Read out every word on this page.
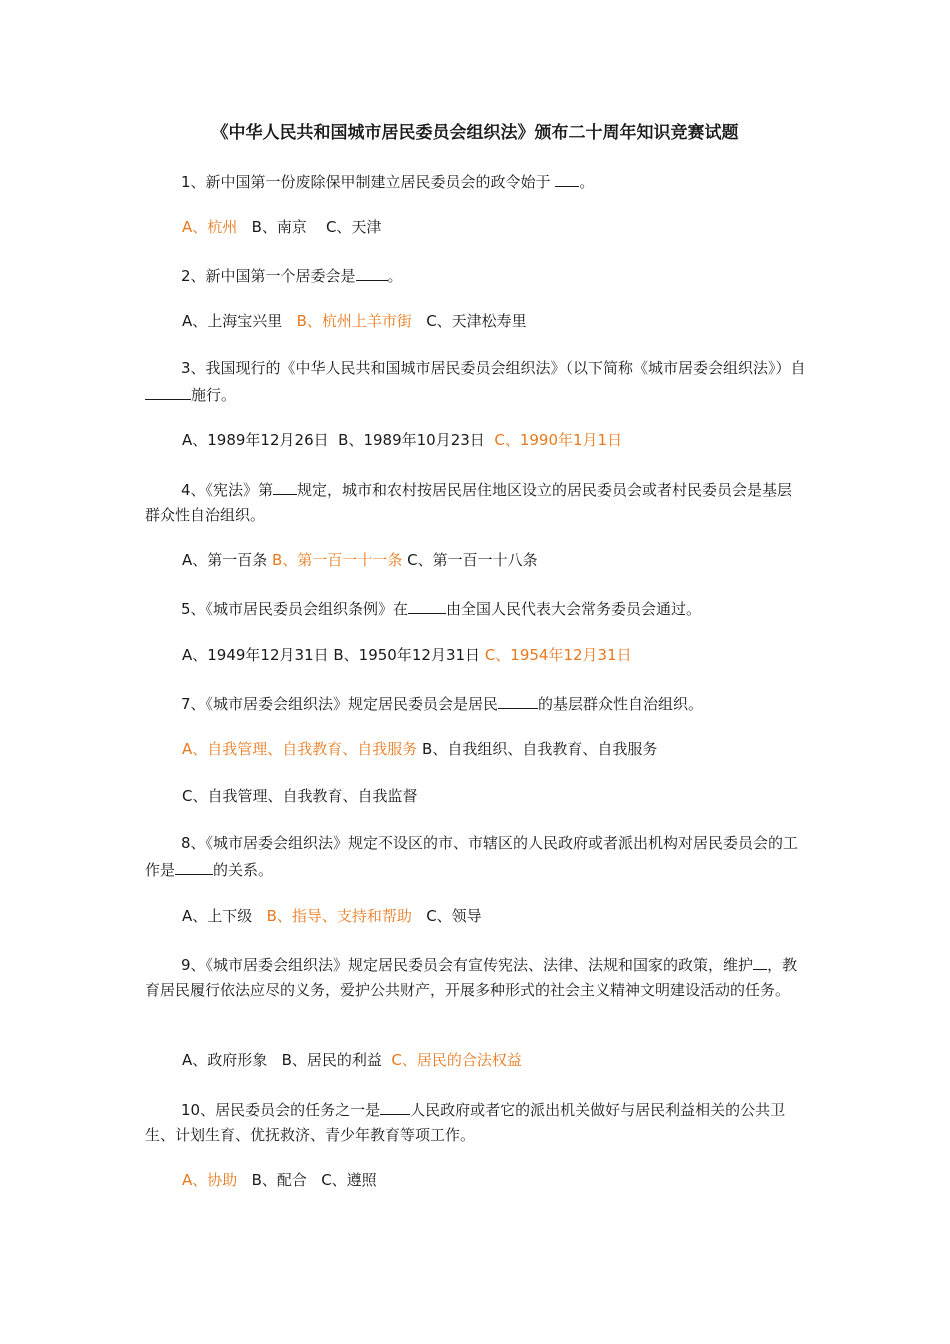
《中华人民共和国城市居民委员会组织法》颁布二十周年知识竞赛试题
1、新中国第一份废除保甲制建立居民委员会的政令始于 。
A、杭州 B、南京 C、天津
2、新中国第一个居委会是 。
A、上海宝兴里 B、杭州上羊市街 C、天津松寿里
3、我国现行的《中华人民共和国城市居民委员会组织法》（以下简称《城市居委会组织法》）自施行。
A、1989年12月26日 B、1989年10月23日 C、1990年1月1日
4、《宪法》第 规定，城市和农村按居民居住地区设立的居民委员会或者村民委员会是基层群众性自治组织。
A、第一百条 B、第一百一十一条 C、第一百一十八条
5、《城市居民委员会组织条例》在	由全国人民代表大会常务委员会通过。
A、1949年12月31日 B、1950年12月31日 C、1954年12月31日
7、《城市居委会组织法》规定居民委员会是居民	的基层群众性自治组织。
A、自我管理、自我教育、自我服务 B、自我组织、自我教育、自我服务
C、自我管理、自我教育、自我监督
8、《城市居委会组织法》规定不设区的市、市辖区的人民政府或者派出机构对居民委员会的工作是	的关系。
A、上下级 B、指导、支持和帮助 C、领导
9、《城市居委会组织法》规定居民委员会有宣传宪法、法律、法规和国家的政策，维护 ，教育居民履行依法应尽的义务，爱护公共财产，开展多种形式的社会主义精神文明建设活动的任务。
A、政府形象 B、居民的利益 C、居民的合法权益
10、居民委员会的任务之一是 人民政府或者它的派出机关做好与居民利益相关的公共卫生、计划生育、优抚救济、青少年教育等项工作。
A、协助 B、配合 C、遵照
